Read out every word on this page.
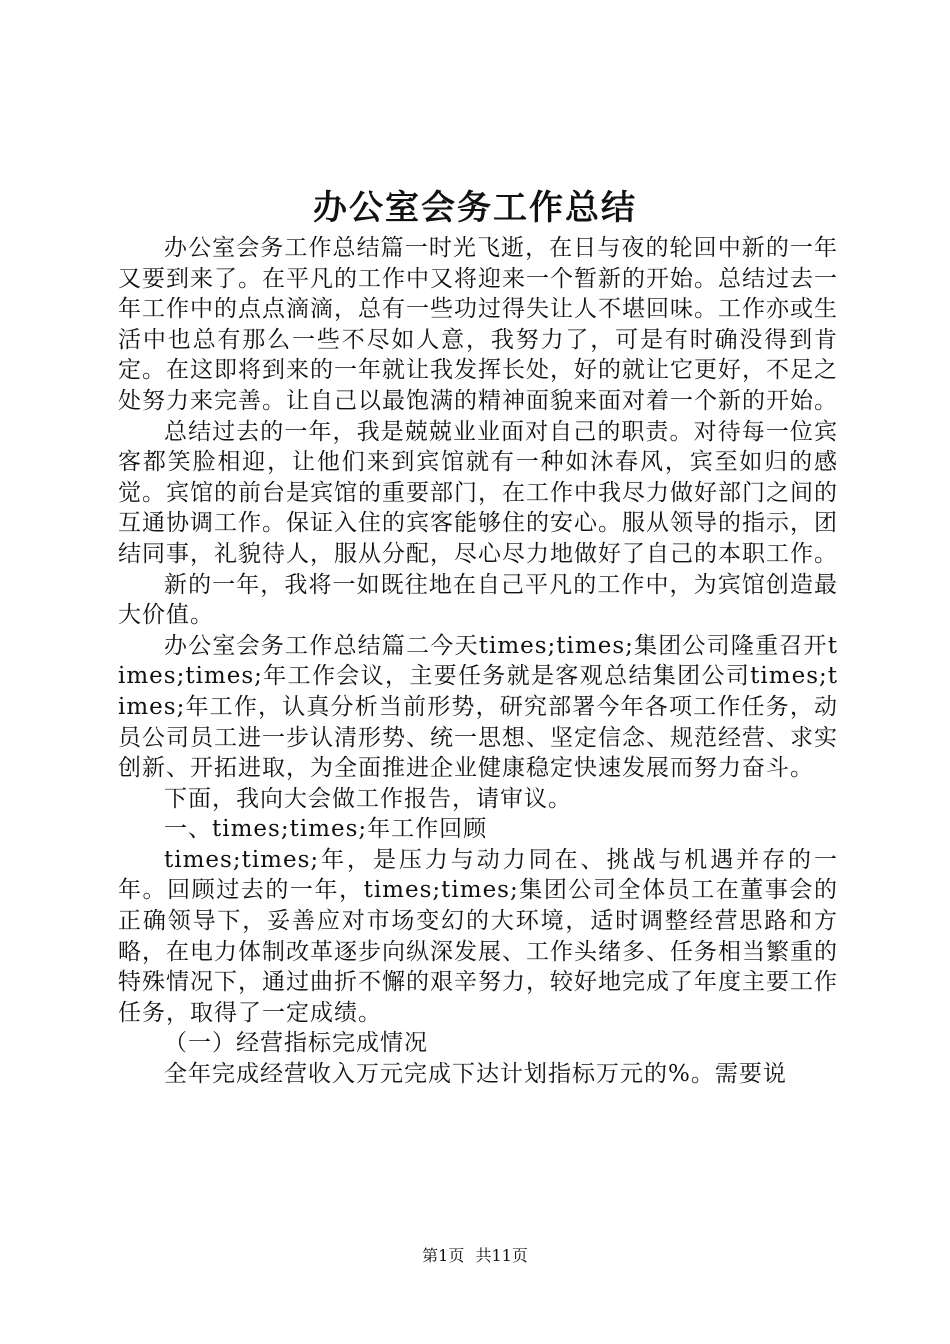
办公室会务工作总结

办公室会务工作总结篇一时光飞逝，在日与夜的轮回中新的一年又要到来了。在平凡的工作中又将迎来一个暂新的开始。总结过去一年工作中的点点滴滴，总有一些功过得失让人不堪回味。工作亦或生活中也总有那么一些不尽如人意，我努力了，可是有时确没得到肯定。在这即将到来的一年就让我发挥长处，好的就让它更好，不足之处努力来完善。让自己以最饱满的精神面貌来面对着一个新的开始。

总结过去的一年，我是兢兢业业面对自己的职责。对待每一位宾客都笑脸相迎，让他们来到宾馆就有一种如沐春风，宾至如归的感觉。宾馆的前台是宾馆的重要部门，在工作中我尽力做好部门之间的互通协调工作。保证入住的宾客能够住的安心。服从领导的指示，团结同事，礼貌待人，服从分配，尽心尽力地做好了自己的本职工作。

新的一年，我将一如既往地在自己平凡的工作中，为宾馆创造最大价值。

办公室会务工作总结篇二今天times;times;集团公司隆重召开times;times;年工作会议，主要任务就是客观总结集团公司times;times;年工作，认真分析当前形势，研究部署今年各项工作任务，动员公司员工进一步认清形势、统一思想、坚定信念、规范经营、求实创新、开拓进取，为全面推进企业健康稳定快速发展而努力奋斗。

下面，我向大会做工作报告，请审议。

一、times;times;年工作回顾

times;times;年，是压力与动力同在、挑战与机遇并存的一年。回顾过去的一年，times;times;集团公司全体员工在董事会的正确领导下，妥善应对市场变幻的大环境，适时调整经营思路和方略，在电力体制改革逐步向纵深发展、工作头绪多、任务相当繁重的特殊情况下，通过曲折不懈的艰辛努力，较好地完成了年度主要工作任务，取得了一定成绩。

（一）经营指标完成情况

全年完成经营收入万元完成下达计划指标万元的%。需要说

第1页 共11页
